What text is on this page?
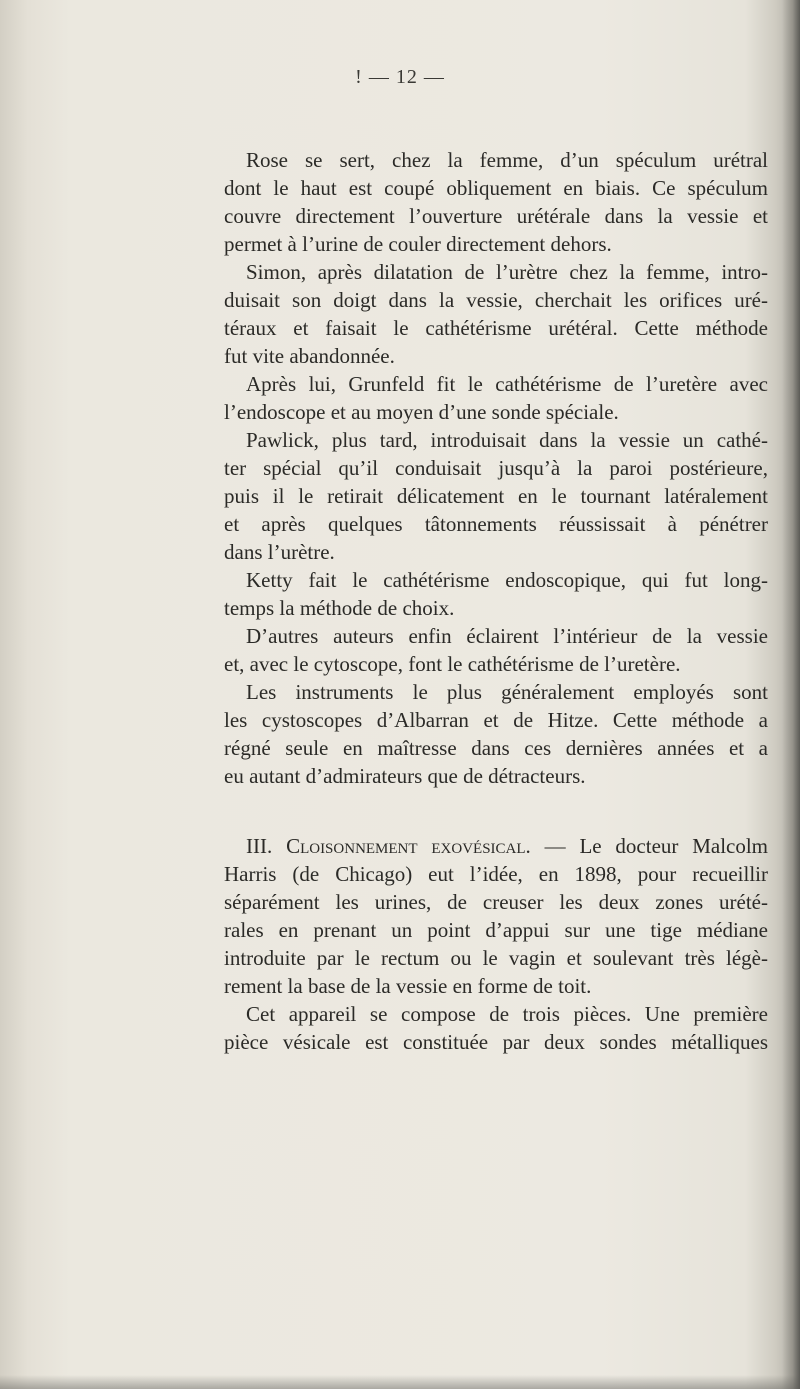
! — 12 —
Rose se sert, chez la femme, d’un spéculum urétral
dont le haut est coupé obliquement en biais. Ce spéculum
couvre directement l’ouverture urétérale dans la vessie et
permet à l’urine de couler directement dehors.
Simon, après dilatation de l’urètre chez la femme, intro-
duisait son doigt dans la vessie, cherchait les orifices uré-
téraux et faisait le cathétérisme urétéral. Cette méthode
fut vite abandonnée.
Après lui, Grunfeld fit le cathétérisme de l’uretère avec
l’endoscope et au moyen d’une sonde spéciale.
Pawlick, plus tard, introduisait dans la vessie un cathé-
ter spécial qu’il conduisait jusqu’à la paroi postérieure,
puis il le retirait délicatement en le tournant latéralement
et après quelques tâtonnements réussissait à pénétrer
dans l’urètre.
Ketty fait le cathétérisme endoscopique, qui fut long-
temps la méthode de choix.
D’autres auteurs enfin éclairent l’intérieur de la vessie
et, avec le cytoscope, font le cathétérisme de l’uretère.
Les instruments le plus généralement employés sont
les cystoscopes d’Albarran et de Hitze. Cette méthode a
régné seule en maîtresse dans ces dernières années et a
eu autant d’admirateurs que de détracteurs.
III. Cloisonnement exovésical. — Le docteur Malcolm
Harris (de Chicago) eut l’idée, en 1898, pour recueillir
séparément les urines, de creuser les deux zones urété-
rales en prenant un point d’appui sur une tige médiane
introduite par le rectum ou le vagin et soulevant très légè-
rement la base de la vessie en forme de toit.
Cet appareil se compose de trois pièces. Une première
pièce vésicale est constituée par deux sondes métalliques
